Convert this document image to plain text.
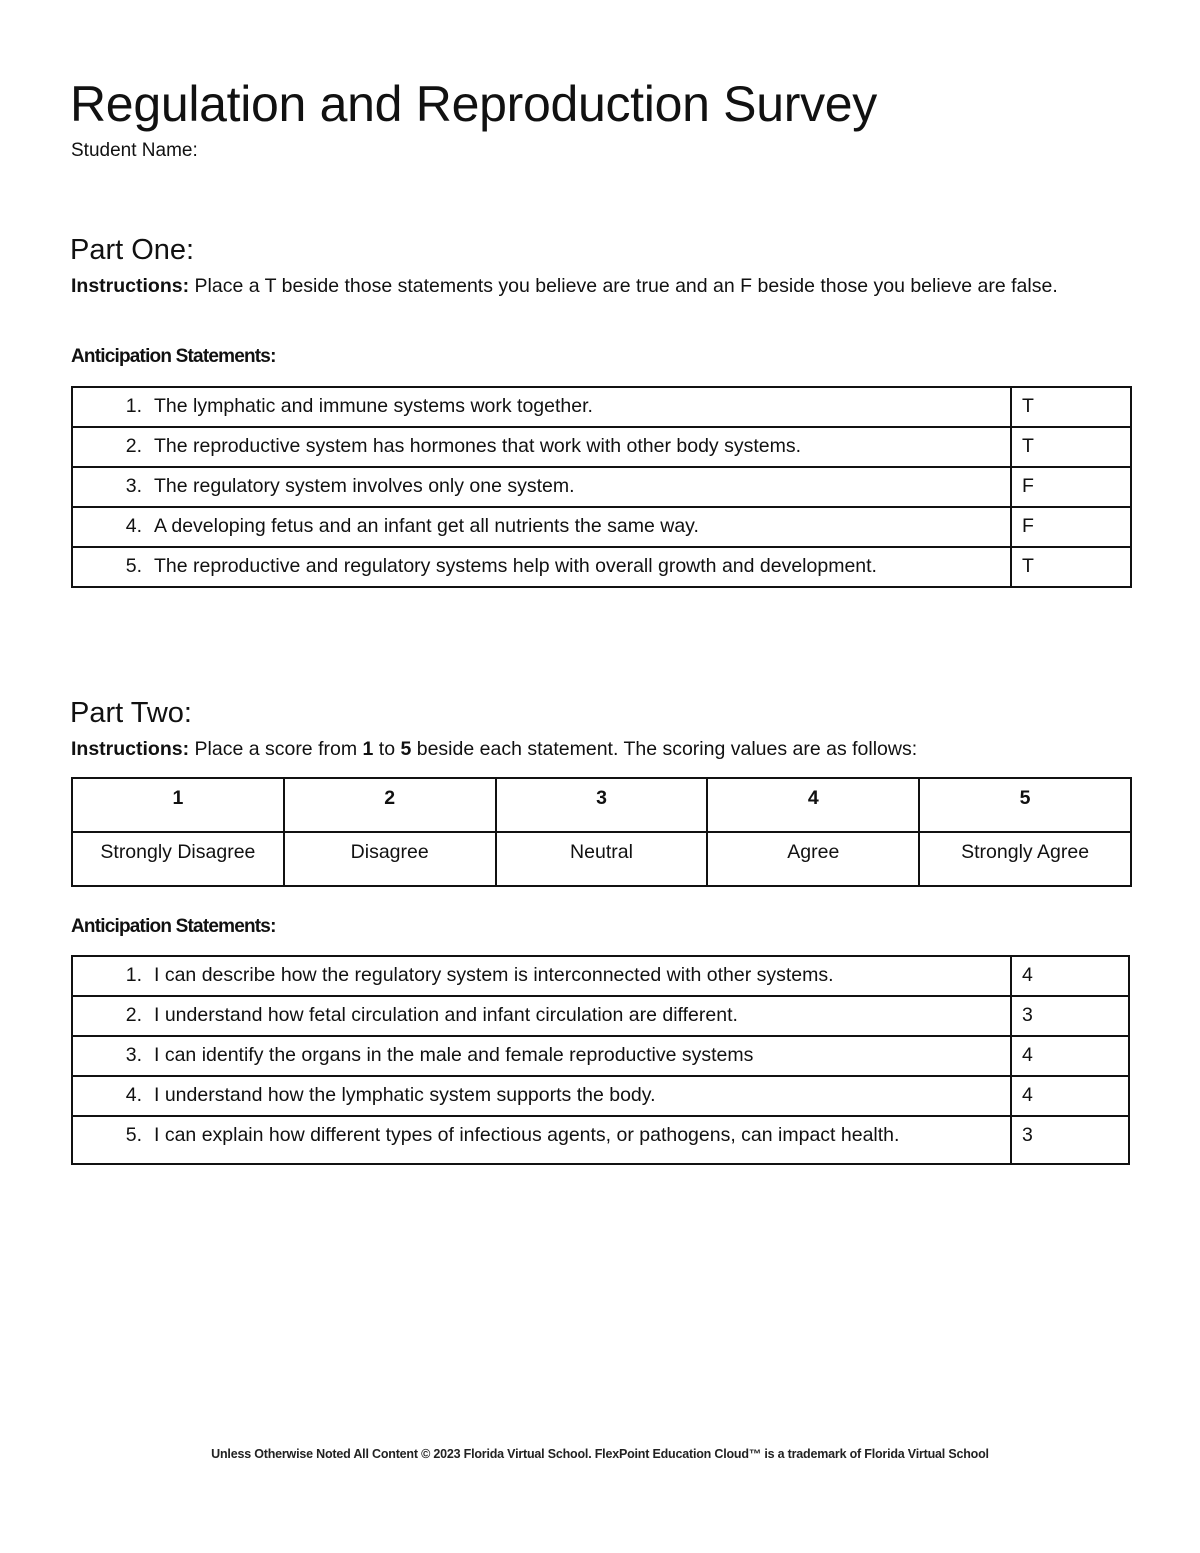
Regulation and Reproduction Survey
Student Name:
Part One:

Instructions: Place a T beside those statements you believe are true and an F beside those you believe are false.

Anticipation Statements:

1. The lymphatic and immune systems work together.	T

2. The reproductive system has hormones that work with other body systems.	T

3. The regulatory system involves only one system.	F

4. A developing fetus and an infant get all nutrients the same way.	F

5. The reproductive and regulatory systems help with overall growth and development.	T
Part Two:

Instructions: Place a score from 1 to 5 beside each statement. The scoring values are as follows:

1	2	3	4	5
Strongly Disagree	Disagree	Neutral	Agree	Strongly Agree

Anticipation Statements:

1. I can describe how the regulatory system is interconnected with other systems.	4

2. I understand how fetal circulation and infant circulation are different.	3

3. I can identify the organs in the male and female reproductive systems	4

4. I understand how the lymphatic system supports the body.	4

5. I can explain how different types of infectious agents, or pathogens, can impact health.	3
Unless Otherwise Noted All Content © 2023 Florida Virtual School. FlexPoint Education Cloud™ is a trademark of Florida Virtual School
